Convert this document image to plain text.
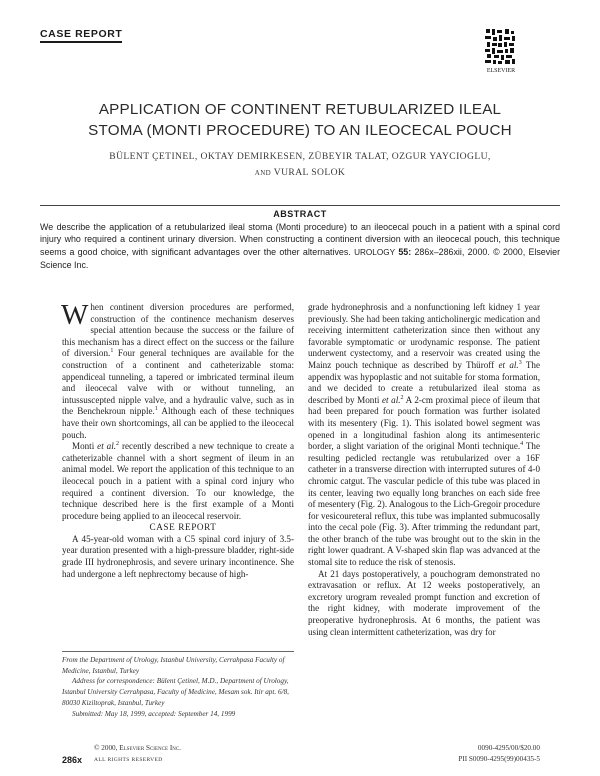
CASE REPORT
ELSEVIER
APPLICATION OF CONTINENT RETUBULARIZED ILEAL
STOMA (MONTI PROCEDURE) TO AN ILEOCECAL POUCH
BÜLENT ÇETINEL, OKTAY DEMIRKESEN, ZÜBEYIR TALAT, OZGUR YAYCIOGLU,
and VURAL SOLOK
ABSTRACT
We describe the application of a retubularized ileal stoma (Monti procedure) to an ileocecal pouch in a patient with a spinal cord injury who required a continent urinary diversion. When constructing a continent diversion with an ileocecal pouch, this technique seems a good choice, with significant advantages over the other alternatives. UROLOGY 55: 286x–286xii, 2000. © 2000, Elsevier Science Inc.

When continent diversion procedures are performed, construction of the continence mechanism deserves special attention because the success or the failure of this mechanism has a direct effect on the success or the failure of diversion.$^1$ Four general techniques are available for the construction of a continent and catheterizable stoma: appendiceal tunneling, a tapered or imbricated terminal ileum and ileocecal valve with or without tunneling, an intussuscepted nipple valve, and a hydraulic valve, such as in the Benchekroun nipple.$^1$ Although each of these techniques have their own shortcomings, all can be applied to the ileocecal pouch.

Monti et al.$^2$ recently described a new technique to create a catheterizable channel with a short segment of ileum in an animal model. We report the application of this technique to an ileocecal pouch in a patient with a spinal cord injury who required a continent diversion. To our knowledge, the technique described here is the first example of a Monti procedure being applied to an ileocecal reservoir.

CASE REPORT

A 45-year-old woman with a C5 spinal cord injury of 3.5-year duration presented with a high-pressure bladder, right-side grade III hydronephrosis, and severe urinary incontinence. She had undergone a left nephrectomy because of high-

grade hydronephrosis and a nonfunctioning left kidney 1 year previously. She had been taking anticholinergic medication and receiving intermittent catheterization since then without any favorable symptomatic or urodynamic response. The patient underwent cystectomy, and a reservoir was created using the Mainz pouch technique as described by Thüroff et al.$^3$ The appendix was hypoplastic and not suitable for stoma formation, and we decided to create a retubularized ileal stoma as described by Monti et al.$^2$ A 2-cm proximal piece of ileum that had been prepared for pouch formation was further isolated with its mesentery (Fig. 1). This isolated bowel segment was opened in a longitudinal fashion along its antimesenteric border, a slight variation of the original Monti technique.$^4$ The resulting pedicled rectangle was retubularized over a 16F catheter in a transverse direction with interrupted sutures of 4-0 chromic catgut. The vascular pedicle of this tube was placed in its center, leaving two equally long branches on each side free of mesentery (Fig. 2). Analogous to the Lich-Gregoir procedure for vesicoureteral reflux, this tube was implanted submucosally into the cecal pole (Fig. 3). After trimming the redundant part, the other branch of the tube was brought out to the skin in the right lower quadrant. A V-shaped skin flap was advanced at the stomal site to reduce the risk of stenosis.

At 21 days postoperatively, a pouchogram demonstrated no extravasation or reflux. At 12 weeks postoperatively, an excretory urogram revealed prompt function and excretion of the right kidney, with moderate improvement of the preoperative hydronephrosis. At 6 months, the patient was using clean intermittent catheterization, was dry for

From the Department of Urology, Istanbul University, Cerrahpasa Faculty of Medicine, Istanbul, Turkey

Address for correspondence: Bülent Çetinel, M.D., Department of Urology, Istanbul University Cerrahpasa, Faculty of Medicine, Mesam sok. Itir apt. 6/8, 80030 Kiziltoprak, Istanbul, Turkey

Submitted: May 18, 1999, accepted: September 14, 1999

© 2000, Elsevier Science Inc.
286x ALL RIGHTS RESERVED
0090-4295/00/$20.00
PII S0090-4295(99)00435-5
